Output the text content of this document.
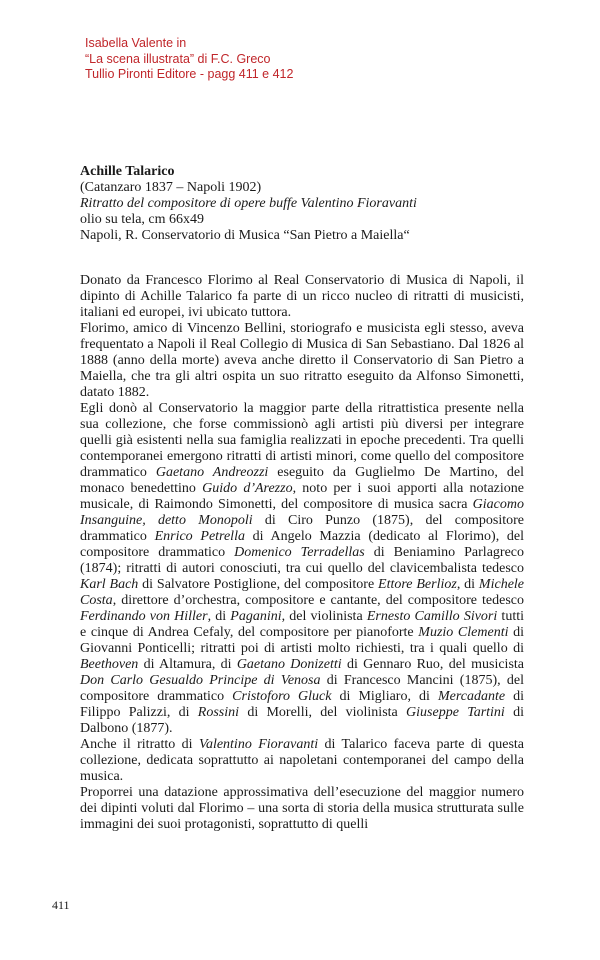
Isabella Valente in
“La scena illustrata” di F.C. Greco
Tullio Pironti Editore - pagg 411 e 412
Achille Talarico
(Catanzaro 1837 – Napoli 1902)
Ritratto del compositore di opere buffe Valentino Fioravanti
olio su tela, cm 66x49
Napoli, R. Conservatorio di Musica “San Pietro a Maiella“

Donato da Francesco Florimo al Real Conservatorio di Musica di Napoli, il dipinto di Achille Talarico fa parte di un ricco nucleo di ritratti di musicisti, italiani ed europei, ivi ubicato tuttora.

Florimo, amico di Vincenzo Bellini, storiografo e musicista egli stesso, aveva frequentato a Napoli il Real Collegio di Musica di San Sebastiano. Dal 1826 al 1888 (anno della morte) aveva anche diretto il Conservatorio di San Pietro a Maiella, che tra gli altri ospita un suo ritratto eseguito da Alfonso Simonetti, datato 1882.

Egli donò al Conservatorio la maggior parte della ritrattistica presente nella sua collezione, che forse commissionò agli artisti più diversi per integrare quelli già esistenti nella sua famiglia realizzati in epoche precedenti. Tra quelli contemporanei emergono ritratti di artisti minori, come quello del compositore drammatico Gaetano Andreozzi eseguito da Guglielmo De Martino, del monaco benedettino Guido d’Arezzo, noto per i suoi apporti alla notazione musicale, di Raimondo Simonetti, del compositore di musica sacra Giacomo Insanguine, detto Monopoli di Ciro Punzo (1875), del compositore drammatico Enrico Petrella di Angelo Mazzia (dedicato al Florimo), del compositore drammatico Domenico Terradellas di Beniamino Parlagreco (1874); ritratti di autori conosciuti, tra cui quello del clavicembalista tedesco Karl Bach di Salvatore Postiglione, del compositore Ettore Berlioz, di Michele Costa, direttore d’orchestra, compositore e cantante, del compositore tedesco Ferdinando von Hiller, di Paganini, del violinista Ernesto Camillo Sivori tutti e cinque di Andrea Cefaly, del compositore per pianoforte Muzio Clementi di Giovanni Ponticelli; ritratti poi di artisti molto richiesti, tra i quali quello di Beethoven di Altamura, di Gaetano Donizetti di Gennaro Ruo, del musicista Don Carlo Gesualdo Principe di Venosa di Francesco Mancini (1875), del compositore drammatico Cristoforo Gluck di Migliaro, di Mercadante di Filippo Palizzi, di Rossini di Morelli, del violinista Giuseppe Tartini di Dalbono (1877).

Anche il ritratto di Valentino Fioravanti di Talarico faceva parte di questa collezione, dedicata soprattutto ai napoletani contemporanei del campo della musica.

Proporrei una datazione approssimativa dell’esecuzione del maggior numero dei dipinti voluti dal Florimo – una sorta di storia della musica strutturata sulle immagini dei suoi protagonisti, soprattutto di quelli

411
